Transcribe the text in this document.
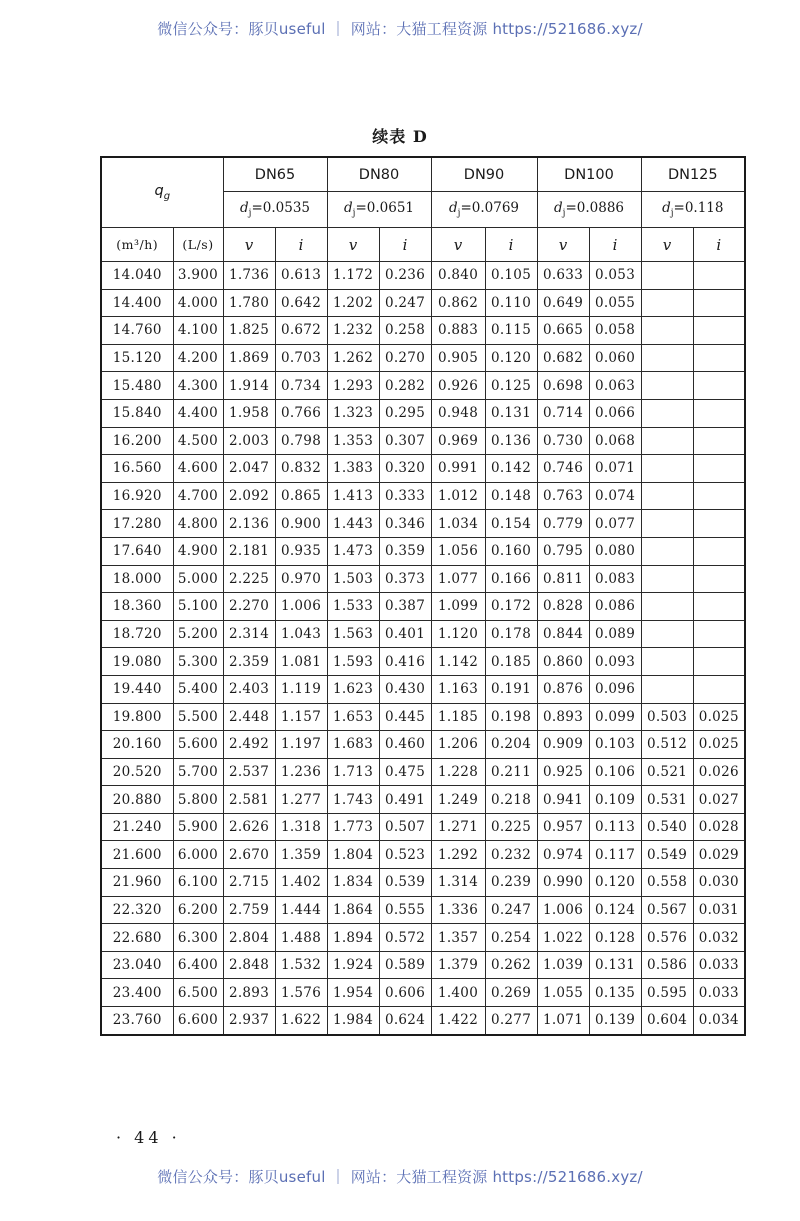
微信公众号：豚贝useful ｜ 网站：大猫工程资源 https://521686.xyz/
续表 D
$q_g$		DN65		DN80		DN90		DN100		DN125	
		$d_j=0.0535$		$d_j=0.0651$		$d_j=0.0769$		$d_j=0.0886$		$d_j=0.118$	
(m³/h)	(L/s)	v	i	v	i	v	i	v	i	v	i
14.040	3.900	1.736	0.613	1.172	0.236	0.840	0.105	0.633	0.053		
14.400	4.000	1.780	0.642	1.202	0.247	0.862	0.110	0.649	0.055		
14.760	4.100	1.825	0.672	1.232	0.258	0.883	0.115	0.665	0.058		
15.120	4.200	1.869	0.703	1.262	0.270	0.905	0.120	0.682	0.060		
15.480	4.300	1.914	0.734	1.293	0.282	0.926	0.125	0.698	0.063		
15.840	4.400	1.958	0.766	1.323	0.295	0.948	0.131	0.714	0.066		
16.200	4.500	2.003	0.798	1.353	0.307	0.969	0.136	0.730	0.068		
16.560	4.600	2.047	0.832	1.383	0.320	0.991	0.142	0.746	0.071		
16.920	4.700	2.092	0.865	1.413	0.333	1.012	0.148	0.763	0.074		
17.280	4.800	2.136	0.900	1.443	0.346	1.034	0.154	0.779	0.077		
17.640	4.900	2.181	0.935	1.473	0.359	1.056	0.160	0.795	0.080		
18.000	5.000	2.225	0.970	1.503	0.373	1.077	0.166	0.811	0.083		
18.360	5.100	2.270	1.006	1.533	0.387	1.099	0.172	0.828	0.086		
18.720	5.200	2.314	1.043	1.563	0.401	1.120	0.178	0.844	0.089		
19.080	5.300	2.359	1.081	1.593	0.416	1.142	0.185	0.860	0.093		
19.440	5.400	2.403	1.119	1.623	0.430	1.163	0.191	0.876	0.096		
19.800	5.500	2.448	1.157	1.653	0.445	1.185	0.198	0.893	0.099	0.503	0.025
20.160	5.600	2.492	1.197	1.683	0.460	1.206	0.204	0.909	0.103	0.512	0.025
20.520	5.700	2.537	1.236	1.713	0.475	1.228	0.211	0.925	0.106	0.521	0.026
20.880	5.800	2.581	1.277	1.743	0.491	1.249	0.218	0.941	0.109	0.531	0.027
21.240	5.900	2.626	1.318	1.773	0.507	1.271	0.225	0.957	0.113	0.540	0.028
21.600	6.000	2.670	1.359	1.804	0.523	1.292	0.232	0.974	0.117	0.549	0.029
21.960	6.100	2.715	1.402	1.834	0.539	1.314	0.239	0.990	0.120	0.558	0.030
22.320	6.200	2.759	1.444	1.864	0.555	1.336	0.247	1.006	0.124	0.567	0.031
22.680	6.300	2.804	1.488	1.894	0.572	1.357	0.254	1.022	0.128	0.576	0.032
23.040	6.400	2.848	1.532	1.924	0.589	1.379	0.262	1.039	0.131	0.586	0.033
23.400	6.500	2.893	1.576	1.954	0.606	1.400	0.269	1.055	0.135	0.595	0.033
23.760	6.600	2.937	1.622	1.984	0.624	1.422	0.277	1.071	0.139	0.604	0.034
· 44 ·
微信公众号：豚贝useful ｜ 网站：大猫工程资源 https://521686.xyz/
